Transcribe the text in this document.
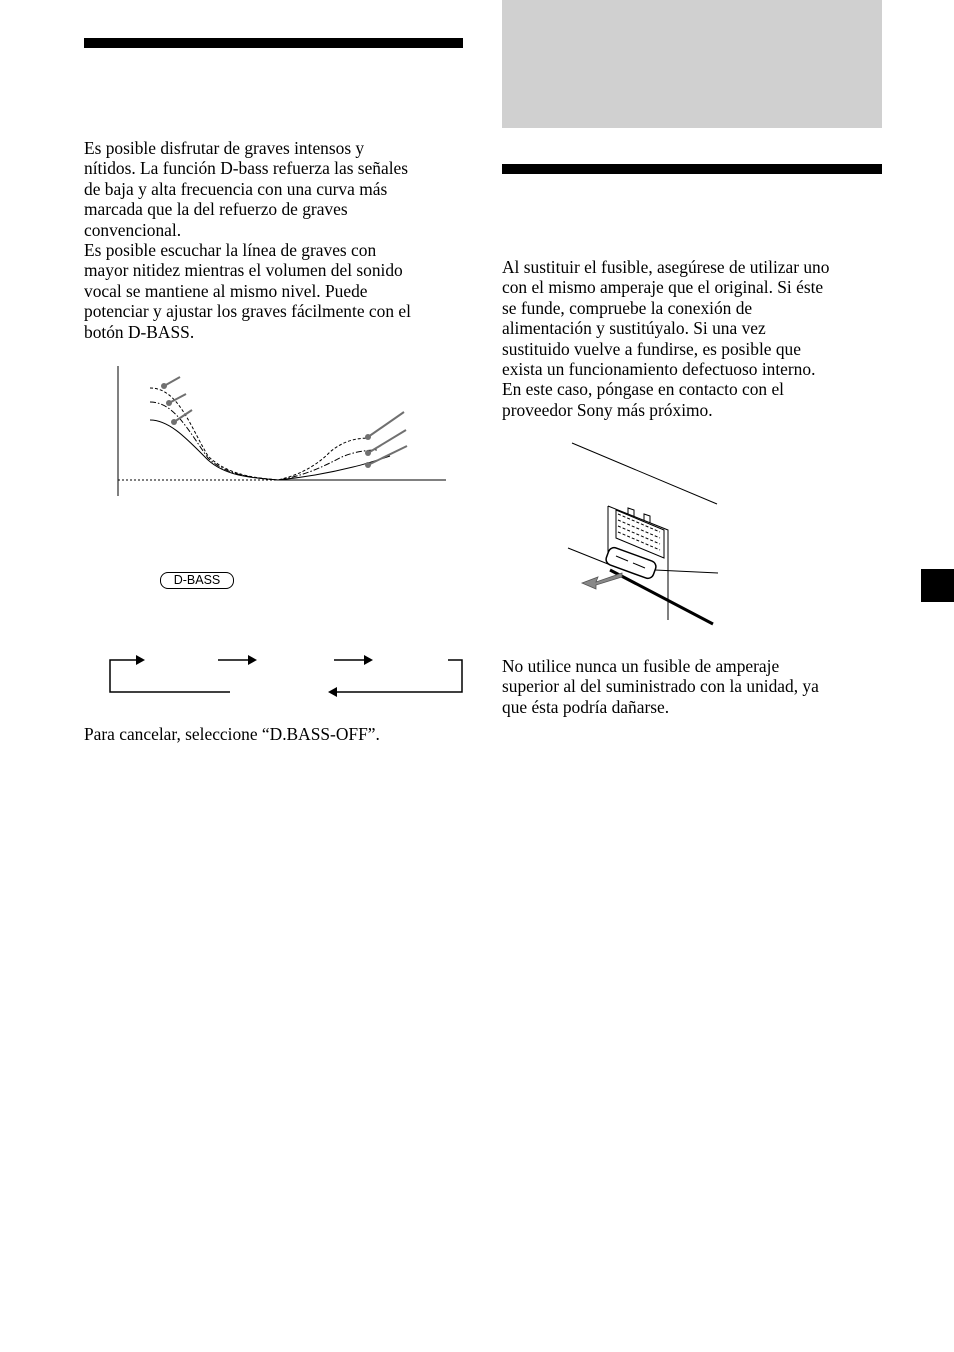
Es posible disfrutar de graves intensos y
nítidos. La función D-bass refuerza las señales
de baja y alta frecuencia con una curva más
marcada que la del refuerzo de graves
convencional.
Es posible escuchar la línea de graves con
mayor nitidez mientras el volumen del sonido
vocal se mantiene al mismo nivel. Puede
potenciar y ajustar los graves fácilmente con el
botón D-BASS.
D-BASS
Para cancelar, seleccione “D.BASS-OFF”.
Al sustituir el fusible, asegúrese de utilizar uno
con el mismo amperaje que el original. Si éste
se funde, compruebe la conexión de
alimentación y sustitúyalo. Si una vez
sustituido vuelve a fundirse, es posible que
exista un funcionamiento defectuoso interno.
En este caso, póngase en contacto con el
proveedor Sony más próximo.
No utilice nunca un fusible de amperaje
superior al del suministrado con la unidad, ya
que ésta podría dañarse.
